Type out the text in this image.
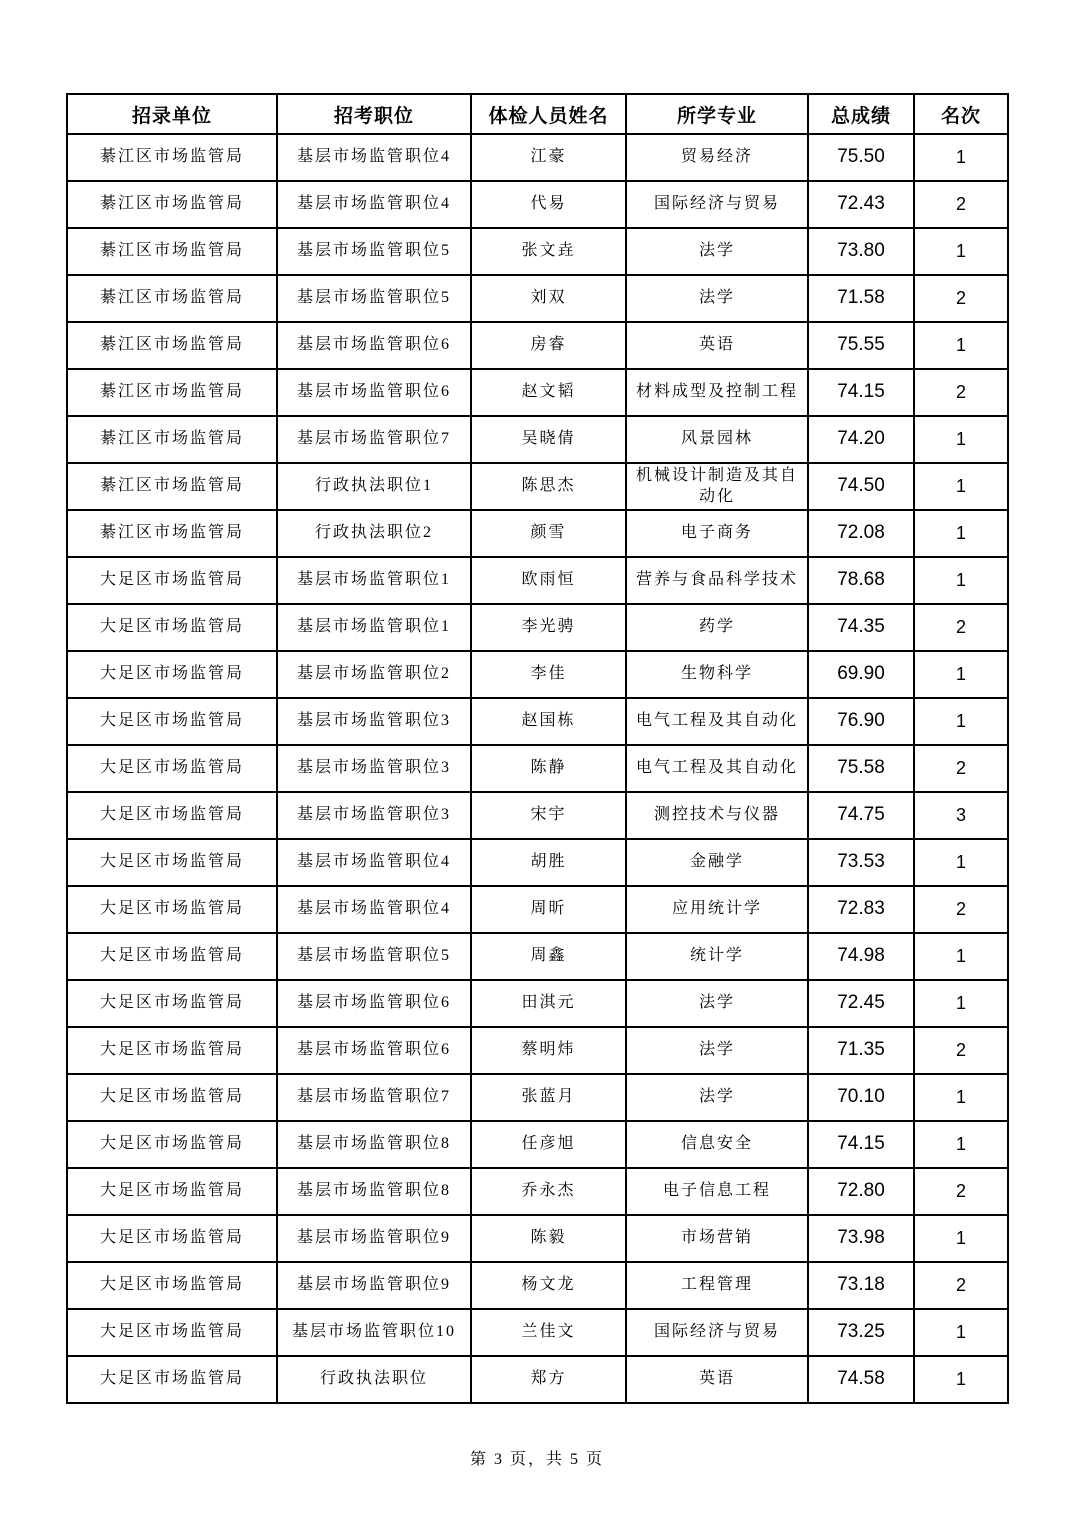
招录单位	招考职位	体检人员姓名	所学专业	总成绩	名次
綦江区市场监管局	基层市场监管职位4	江豪	贸易经济	75.50	1
綦江区市场监管局	基层市场监管职位4	代易	国际经济与贸易	72.43	2
綦江区市场监管局	基层市场监管职位5	张文垚	法学	73.80	1
綦江区市场监管局	基层市场监管职位5	刘双	法学	71.58	2
綦江区市场监管局	基层市场监管职位6	房睿	英语	75.55	1
綦江区市场监管局	基层市场监管职位6	赵文韬	材料成型及控制工程	74.15	2
綦江区市场监管局	基层市场监管职位7	吴晓倩	风景园林	74.20	1
綦江区市场监管局	行政执法职位1	陈思杰	机械设计制造及其自动化	74.50	1
綦江区市场监管局	行政执法职位2	颜雪	电子商务	72.08	1
大足区市场监管局	基层市场监管职位1	欧雨恒	营养与食品科学技术	78.68	1
大足区市场监管局	基层市场监管职位1	李光骋	药学	74.35	2
大足区市场监管局	基层市场监管职位2	李佳	生物科学	69.90	1
大足区市场监管局	基层市场监管职位3	赵国栋	电气工程及其自动化	76.90	1
大足区市场监管局	基层市场监管职位3	陈静	电气工程及其自动化	75.58	2
大足区市场监管局	基层市场监管职位3	宋宇	测控技术与仪器	74.75	3
大足区市场监管局	基层市场监管职位4	胡胜	金融学	73.53	1
大足区市场监管局	基层市场监管职位4	周昕	应用统计学	72.83	2
大足区市场监管局	基层市场监管职位5	周鑫	统计学	74.98	1
大足区市场监管局	基层市场监管职位6	田淇元	法学	72.45	1
大足区市场监管局	基层市场监管职位6	蔡明炜	法学	71.35	2
大足区市场监管局	基层市场监管职位7	张蓝月	法学	70.10	1
大足区市场监管局	基层市场监管职位8	任彦旭	信息安全	74.15	1
大足区市场监管局	基层市场监管职位8	乔永杰	电子信息工程	72.80	2
大足区市场监管局	基层市场监管职位9	陈毅	市场营销	73.98	1
大足区市场监管局	基层市场监管职位9	杨文龙	工程管理	73.18	2
大足区市场监管局	基层市场监管职位10	兰佳文	国际经济与贸易	73.25	1
大足区市场监管局	行政执法职位	郑方	英语	74.58	1
第 3 页，共 5 页
